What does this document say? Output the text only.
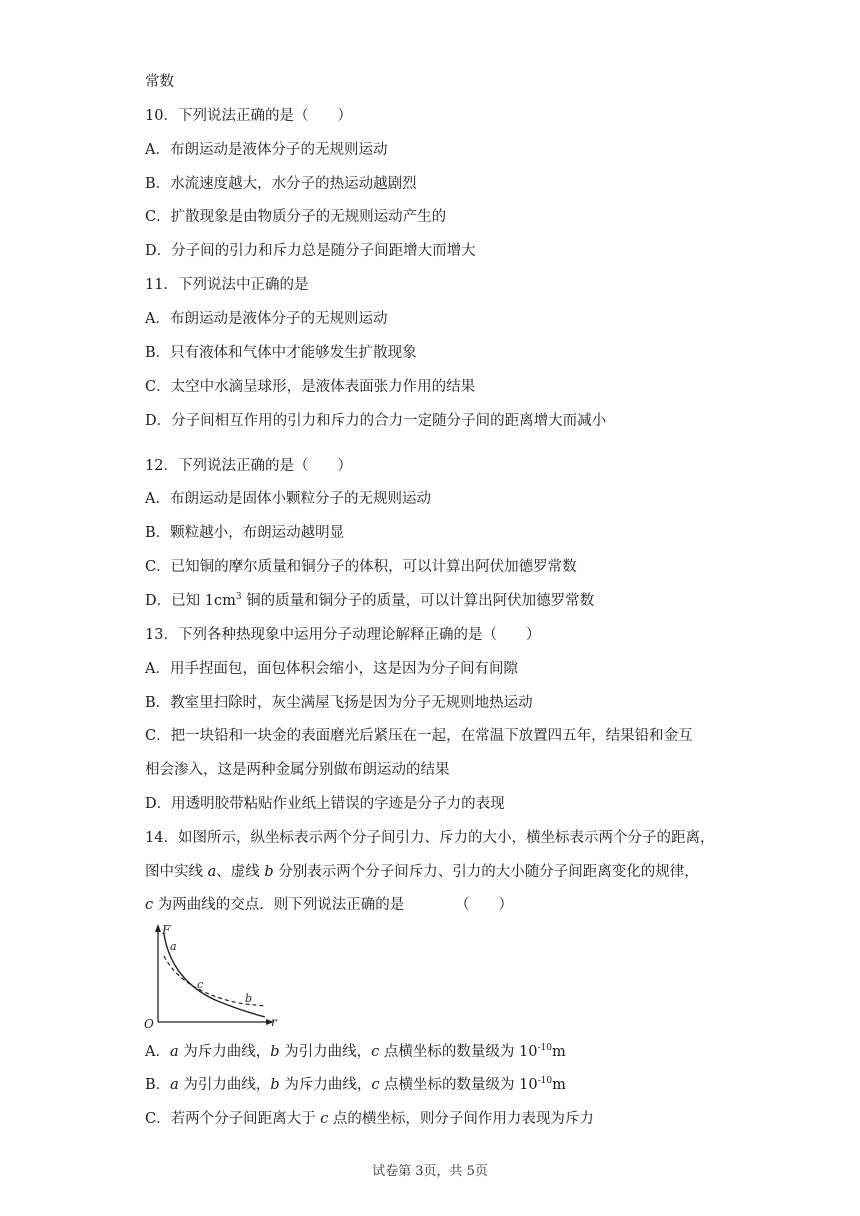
常数
10．下列说法正确的是（　　）
A．布朗运动是液体分子的无规则运动
B．水流速度越大，水分子的热运动越剧烈
C．扩散现象是由物质分子的无规则运动产生的
D．分子间的引力和斥力总是随分子间距增大而增大
11．下列说法中正确的是
A．布朗运动是液体分子的无规则运动
B．只有液体和气体中才能够发生扩散现象
C．太空中水滴呈球形，是液体表面张力作用的结果
D．分子间相互作用的引力和斥力的合力一定随分子间的距离增大而减小
12．下列说法正确的是（　　）
A．布朗运动是固体小颗粒分子的无规则运动
B．颗粒越小，布朗运动越明显
C．已知铜的摩尔质量和铜分子的体积，可以计算出阿伏加德罗常数
D．已知 $1cm^3$ 铜的质量和铜分子的质量，可以计算出阿伏加德罗常数
13．下列各种热现象中运用分子动理论解释正确的是（　　）
A．用手捏面包，面包体积会缩小，这是因为分子间有间隙
B．教室里扫除时，灰尘满屋飞扬是因为分子无规则地热运动
C．把一块铅和一块金的表面磨光后紧压在一起，在常温下放置四五年，结果铅和金互
相会渗入，这是两种金属分别做布朗运动的结果
D．用透明胶带粘贴作业纸上错误的字迹是分子力的表现
14．如图所示，纵坐标表示两个分子间引力、斥力的大小，横坐标表示两个分子的距离，
图中实线 a、虚线 b 分别表示两个分子间斥力、引力的大小随分子间距离变化的规律，
c 为两曲线的交点．则下列说法正确的是　　　　（　　）
F
r
O
a
b
c
A．a 为斥力曲线，b 为引力曲线，c 点横坐标的数量级为 $10^{-10}m$
B．a 为引力曲线，b 为斥力曲线，c 点横坐标的数量级为 $10^{-10}m$
C．若两个分子间距离大于 c 点的横坐标，则分子间作用力表现为斥力
试卷第 3页，共 5页
